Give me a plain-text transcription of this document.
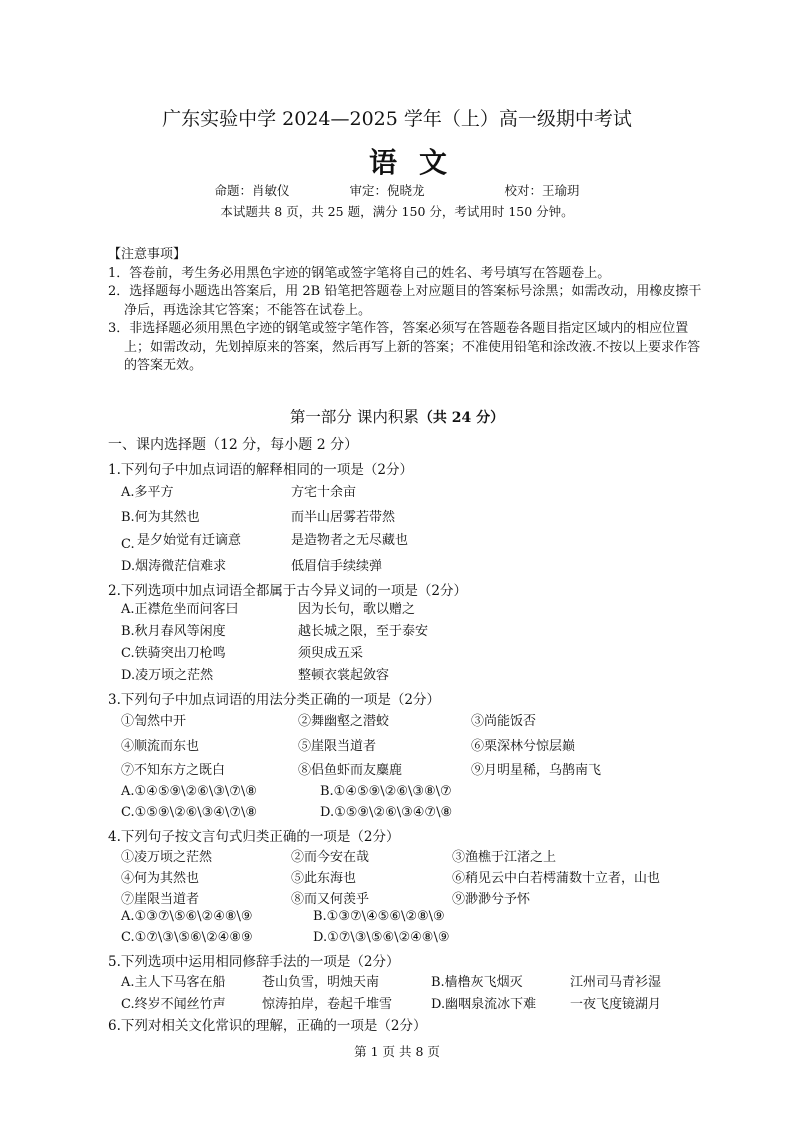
广东实验中学 2024—2025 学年（上）高一级期中考试
语文
命题：肖敏仪	审定：倪晓龙	校对：王瑜玥
本试题共 8 页，共 25 题，满分 150 分，考试用时 150 分钟。
【注意事项】
1．答卷前，考生务必用黑色字迹的钢笔或签字笔将自己的姓名、考号填写在答题卷上。
2．选择题每小题选出答案后，用 2B 铅笔把答题卷上对应题目的答案标号涂黑；如需改动，用橡皮擦干净后，再选涂其它答案；不能答在试卷上。
3．非选择题必须用黑色字迹的钢笔或签字笔作答，答案必须写在答题卷各题目指定区域内的相应位置上；如需改动，先划掉原来的答案，然后再写上新的答案；不准使用铅笔和涂改液.不按以上要求作答的答案无效。
第一部分 课内积累（共 24 分）
一、课内选择题（12 分，每小题 2 分）
1.下列句子中加点词语的解释相同的一项是（2分）
A.多平方	方宅十余亩
B.何为其然也	而半山居雾若带然
C. 是夕始觉有迁谪意	是造物者之无尽藏也
D.烟涛微茫信难求	低眉信手续续弹
2.下列选项中加点词语全都属于古今异义词的一项是（2分）
A.正襟危坐而问客曰	因为长句，歌以赠之
B.秋月春风等闲度	越长城之限，至于泰安
C.铁骑突出刀枪鸣	须臾成五采
D.凌万顷之茫然	整顿衣裳起敛容
3.下列句子中加点词语的用法分类正确的一项是（2分）
①訇然中开	②舞幽壑之潜蛟	③尚能饭否
④顺流而东也	⑤崖限当道者	⑥栗深林兮惊层巅
⑦不知东方之既白	⑧侣鱼虾而友麋鹿	⑨月明星稀，乌鹊南飞
A.①④⑤⑨\②⑥\③\⑦\⑧	B.①④⑤⑨\②⑥\③⑧\⑦
C.①⑤⑨\②⑥\③④\⑦\⑧	D.①⑤⑨\②⑥\③④⑦\⑧
4.下列句子按文言句式归类正确的一项是（2分）
①凌万顷之茫然	②而今安在哉	③渔樵于江渚之上
④何为其然也	⑤此东海也	⑥稍见云中白若樗蒲数十立者，山也
⑦崖限当道者	⑧而又何羡乎	⑨渺渺兮予怀
A.①③⑦\⑤⑥\②④⑧\⑨	B.①③⑦\④⑤⑥\②⑧\⑨
C.①⑦\③\⑤⑥\②④⑧⑨	D.①⑦\③\⑤⑥\②④⑧\⑨
5.下列选项中运用相同修辞手法的一项是（2分）
A.主人下马客在船	苍山负雪，明烛天南	B.樯橹灰飞烟灭	江州司马青衫湿
C.终岁不闻丝竹声	惊涛拍岸，卷起千堆雪	D.幽咽泉流冰下难	一夜飞度镜湖月
6.下列对相关文化常识的理解，正确的一项是（2分）
第 1 页 共 8 页
